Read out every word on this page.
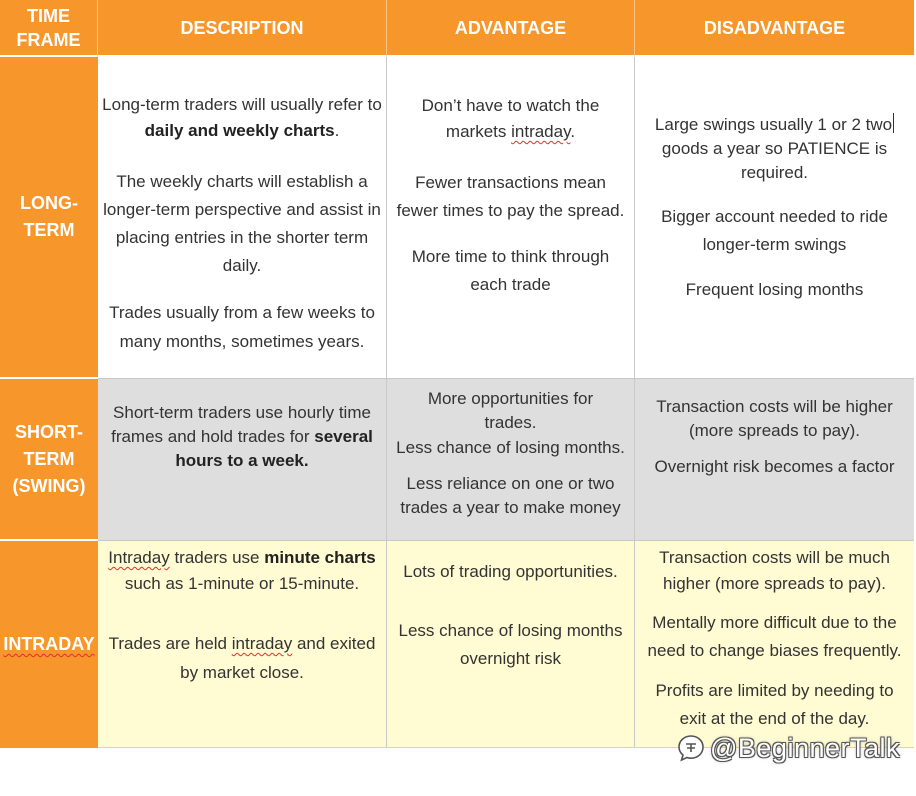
TIME
FRAME
DESCRIPTION	ADVANTAGE	DISADVANTAGE
LONG-
TERM

Long-term traders will usually refer to daily and weekly charts.

The weekly charts will establish a longer-term perspective and assist in placing entries in the shorter term daily.

Trades usually from a few weeks to many months, sometimes years.

Don’t have to watch the markets intraday.

Fewer transactions mean fewer times to pay the spread.

More time to think through each trade

Large swings usually 1 or 2 two goods a year so PATIENCE is required.

Bigger account needed to ride longer-term swings

Frequent losing months

SHORT-
TERM
(SWING)

Short-term traders use hourly time frames and hold trades for several hours to a week.

More opportunities for trades.

Less chance of losing months.

Less reliance on one or two trades a year to make money

Transaction costs will be higher (more spreads to pay).

Overnight risk becomes a factor

INTRADAY

Intraday traders use minute charts such as 1-minute or 15-minute.

Trades are held intraday and exited by market close.

Lots of trading opportunities.

Less chance of losing months overnight risk

Transaction costs will be much higher (more spreads to pay).

Mentally more difficult due to the need to change biases frequently.

Profits are limited by needing to exit at the end of the day.

@BeginnerTalk
